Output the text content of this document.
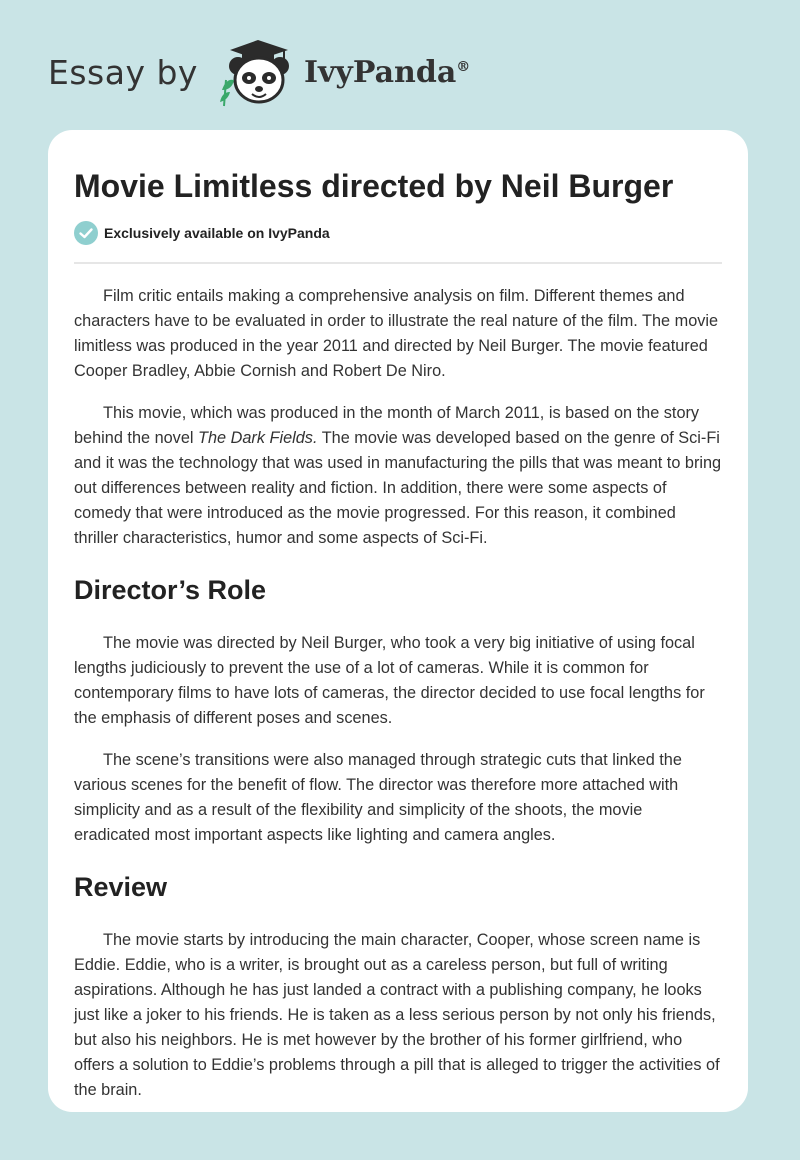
Essay by	IvyPanda®
Movie Limitless directed by Neil Burger
Exclusively available on IvyPanda

Film critic entails making a comprehensive analysis on film. Different themes and characters have to be evaluated in order to illustrate the real nature of the film. The movie limitless was produced in the year 2011 and directed by Neil Burger. The movie featured Cooper Bradley, Abbie Cornish and Robert De Niro.

This movie, which was produced in the month of March 2011, is based on the story behind the novel The Dark Fields. The movie was developed based on the genre of Sci-Fi and it was the technology that was used in manufacturing the pills that was meant to bring out differences between reality and fiction. In addition, there were some aspects of comedy that were introduced as the movie progressed. For this reason, it combined thriller characteristics, humor and some aspects of Sci-Fi.

Director’s Role

The movie was directed by Neil Burger, who took a very big initiative of using focal lengths judiciously to prevent the use of a lot of cameras. While it is common for contemporary films to have lots of cameras, the director decided to use focal lengths for the emphasis of different poses and scenes.

The scene’s transitions were also managed through strategic cuts that linked the various scenes for the benefit of flow. The director was therefore more attached with simplicity and as a result of the flexibility and simplicity of the shoots, the movie eradicated most important aspects like lighting and camera angles.

Review

The movie starts by introducing the main character, Cooper, whose screen name is Eddie. Eddie, who is a writer, is brought out as a careless person, but full of writing aspirations. Although he has just landed a contract with a publishing company, he looks just like a joker to his friends. He is taken as a less serious person by not only his friends, but also his neighbors. He is met however by the brother of his former girlfriend, who offers a solution to Eddie’s problems through a pill that is alleged to trigger the activities of the brain.
